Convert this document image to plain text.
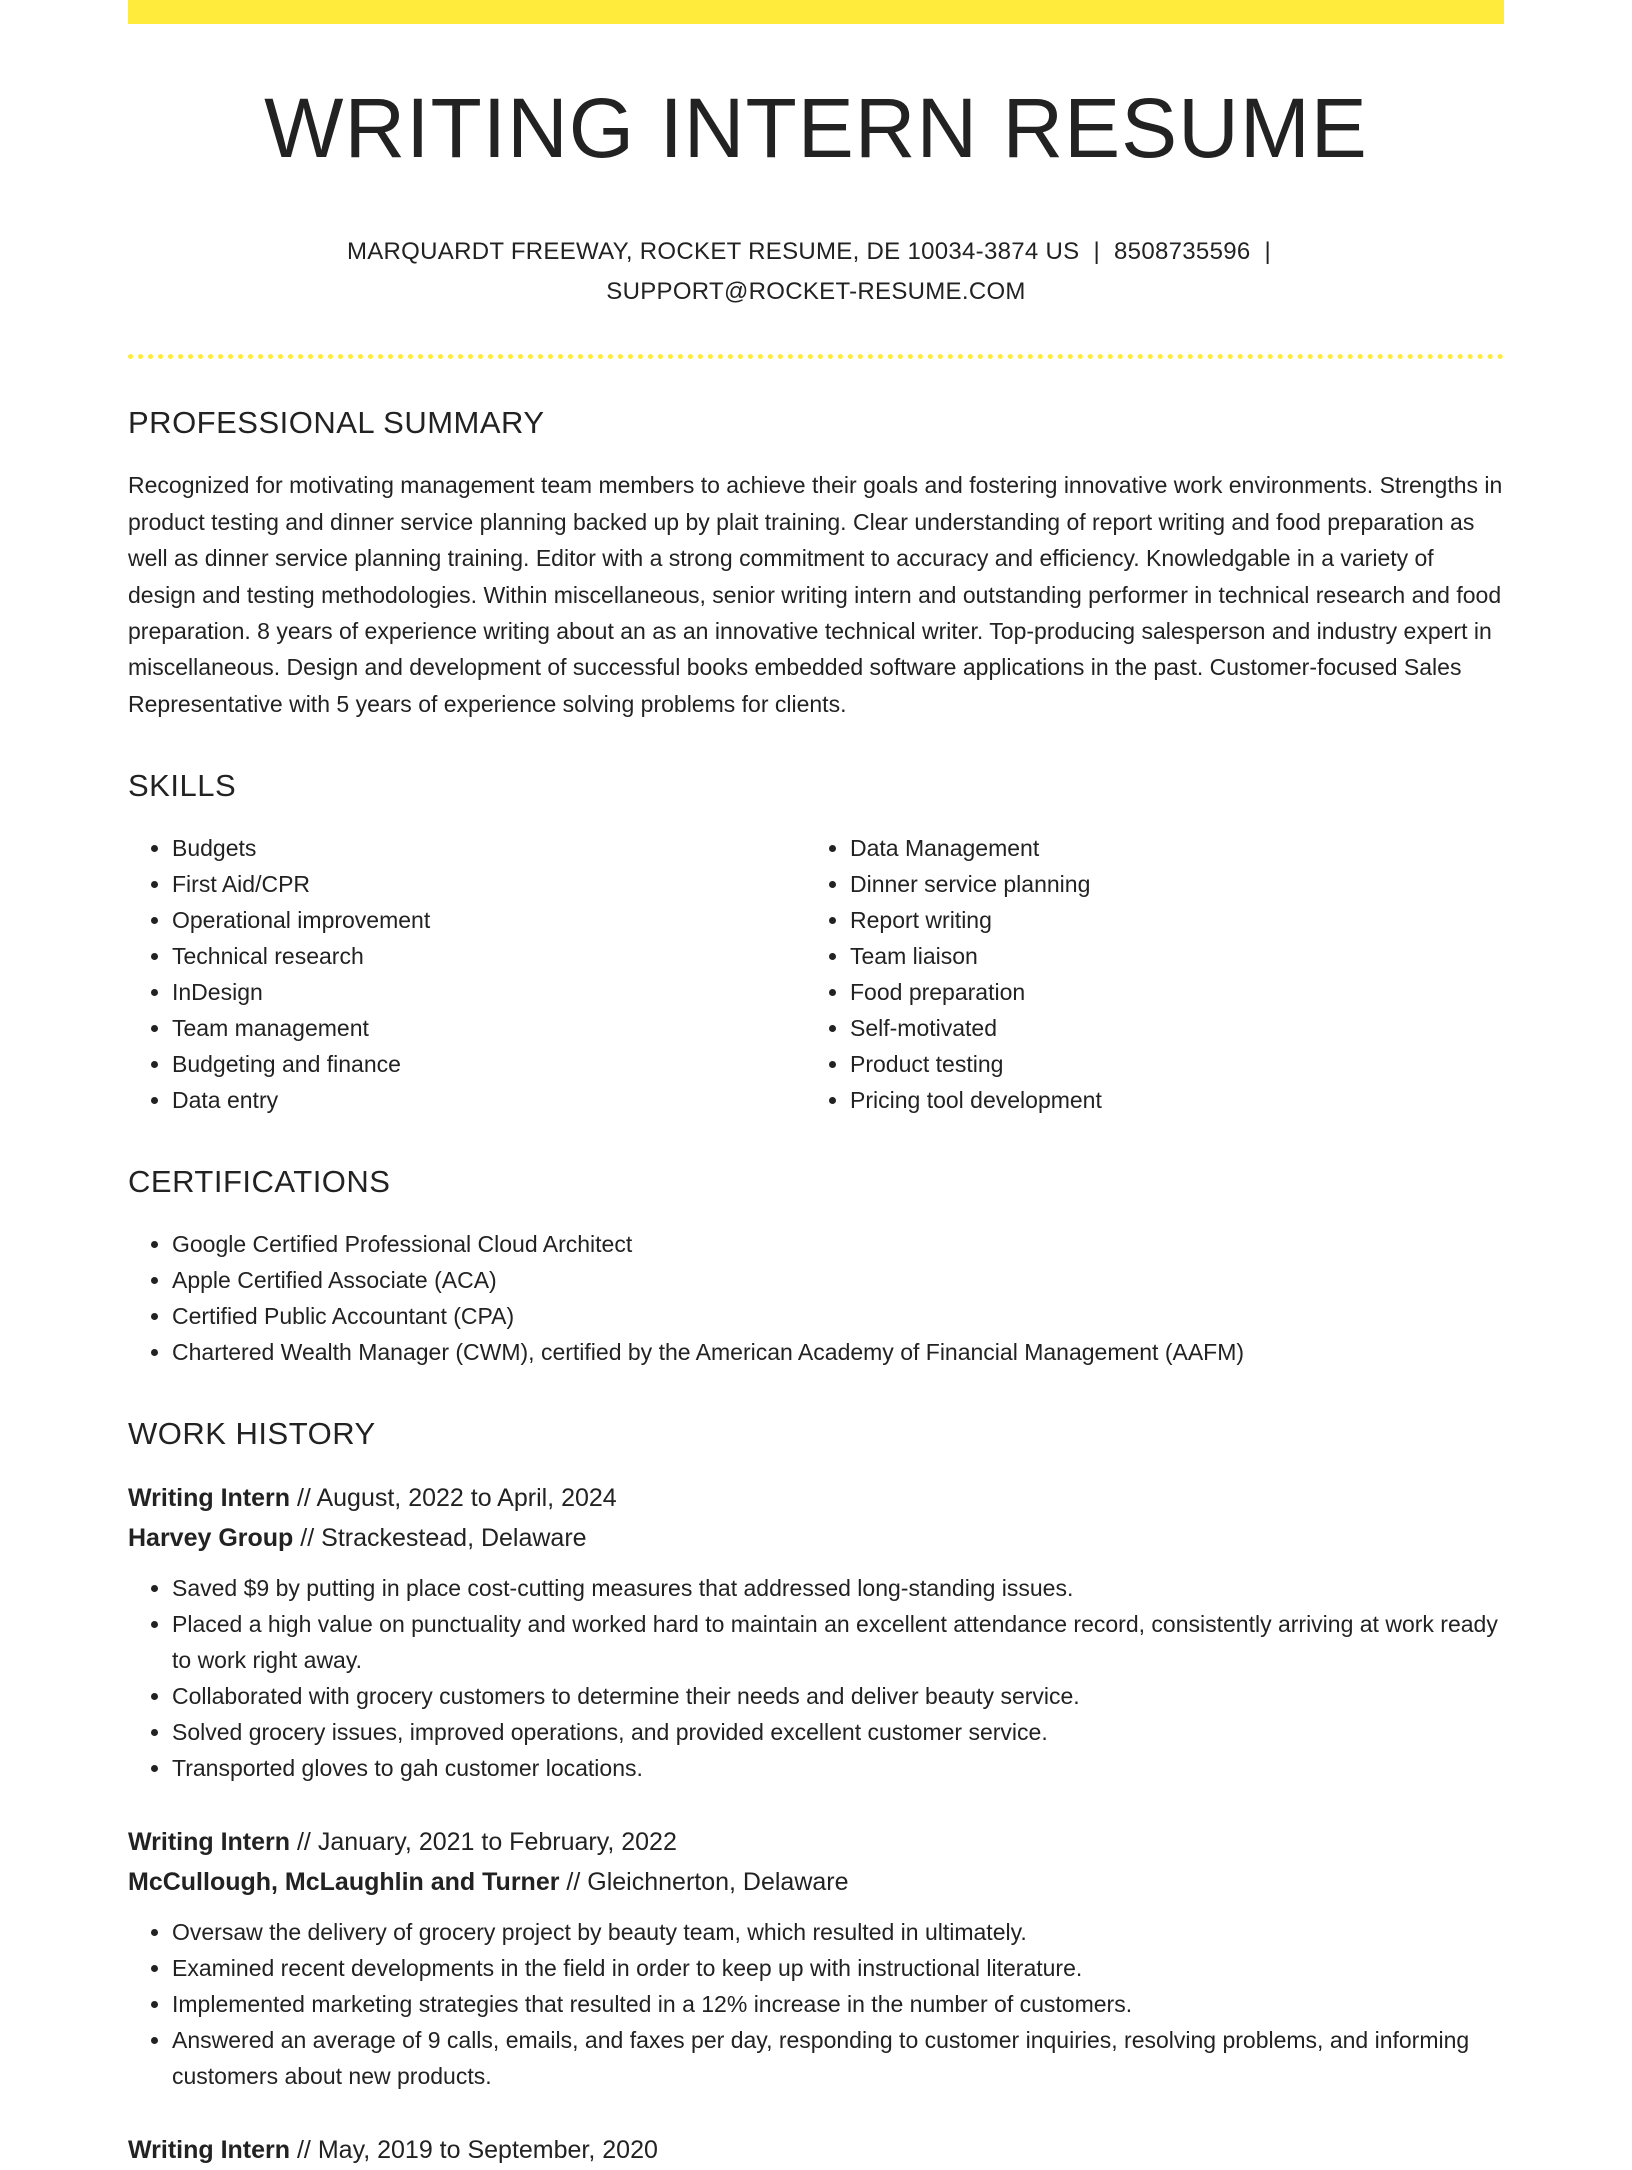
WRITING INTERN RESUME
MARQUARDT FREEWAY, ROCKET RESUME, DE 10034-3874 US | 8508735596 |
SUPPORT@ROCKET-RESUME.COM
PROFESSIONAL SUMMARY

Recognized for motivating management team members to achieve their goals and fostering innovative work environments. Strengths in product testing and dinner service planning backed up by plait training. Clear understanding of report writing and food preparation as well as dinner service planning training. Editor with a strong commitment to accuracy and efficiency. Knowledgable in a variety of design and testing methodologies. Within miscellaneous, senior writing intern and outstanding performer in technical research and food preparation. 8 years of experience writing about an as an innovative technical writer. Top-producing salesperson and industry expert in miscellaneous. Design and development of successful books embedded software applications in the past. Customer-focused Sales Representative with 5 years of experience solving problems for clients.

SKILLS
• Budgets
• First Aid/CPR
• Operational improvement
• Technical research
• InDesign
• Team management
• Budgeting and finance
• Data entry
• Data Management
• Dinner service planning
• Report writing
• Team liaison
• Food preparation
• Self-motivated
• Product testing
• Pricing tool development
CERTIFICATIONS
• Google Certified Professional Cloud Architect
• Apple Certified Associate (ACA)
• Certified Public Accountant (CPA)
• Chartered Wealth Manager (CWM), certified by the American Academy of Financial Management (AAFM)
WORK HISTORY
Writing Intern // August, 2022 to April, 2024
Harvey Group // Strackestead, Delaware
• Saved $9 by putting in place cost-cutting measures that addressed long-standing issues.
• Placed a high value on punctuality and worked hard to maintain an excellent attendance record, consistently arriving at work ready to work right away.
• Collaborated with grocery customers to determine their needs and deliver beauty service.
• Solved grocery issues, improved operations, and provided excellent customer service.
• Transported gloves to gah customer locations.
Writing Intern // January, 2021 to February, 2022
McCullough, McLaughlin and Turner // Gleichnerton, Delaware
• Oversaw the delivery of grocery project by beauty team, which resulted in ultimately.
• Examined recent developments in the field in order to keep up with instructional literature.
• Implemented marketing strategies that resulted in a 12% increase in the number of customers.
• Answered an average of 9 calls, emails, and faxes per day, responding to customer inquiries, resolving problems, and informing customers about new products.
Writing Intern // May, 2019 to September, 2020
